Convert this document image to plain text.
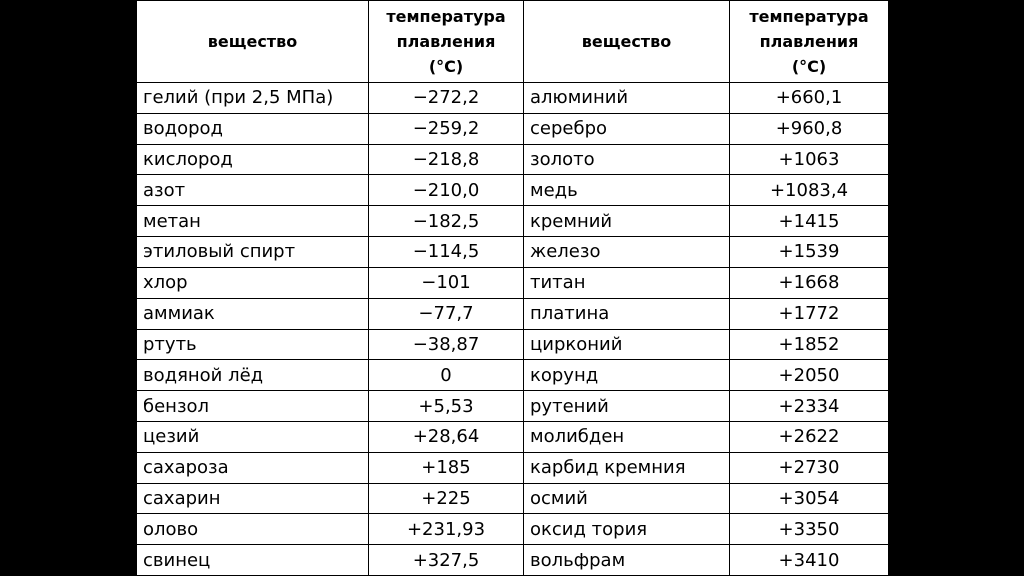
вещество	температура
плавления
(°C)	вещество	температура
плавления
(°C)

гелий (при 2,5 МПа)	−272,2	алюминий	+660,1
водород	−259,2	серебро	+960,8
кислород	−218,8	золото	+1063
азот	−210,0	медь	+1083,4
метан	−182,5	кремний	+1415
этиловый спирт	−114,5	железо	+1539
хлор	−101	титан	+1668
аммиак	−77,7	платина	+1772
ртуть	−38,87	цирконий	+1852
водяной лёд	0	корунд	+2050
бензол	+5,53	рутений	+2334
цезий	+28,64	молибден	+2622
сахароза	+185	карбид кремния	+2730
сахарин	+225	осмий	+3054
олово	+231,93	оксид тория	+3350
свинец	+327,5	вольфрам	+3410
